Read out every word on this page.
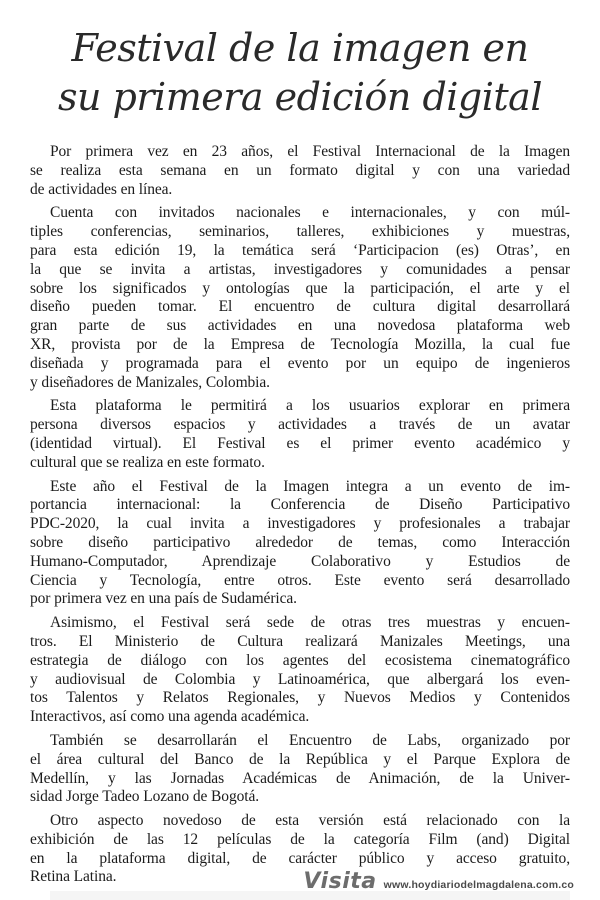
Festival de la imagen en
su primera edición digital
Por primera vez en 23 años, el Festival Internacional de la Imagen
se realiza esta semana en un formato digital y con una variedad
de actividades en línea.
Cuenta con invitados nacionales e internacionales, y con múl-
tiples conferencias, seminarios, talleres, exhibiciones y muestras,
para esta edición 19, la temática será ‘Participacion (es) Otras’, en
la que se invita a artistas, investigadores y comunidades a pensar
sobre los significados y ontologías que la participación, el arte y el
diseño pueden tomar. El encuentro de cultura digital desarrollará
gran parte de sus actividades en una novedosa plataforma web
XR, provista por de la Empresa de Tecnología Mozilla, la cual fue
diseñada y programada para el evento por un equipo de ingenieros
y diseñadores de Manizales, Colombia.
Esta plataforma le permitirá a los usuarios explorar en primera
persona diversos espacios y actividades a través de un avatar
(identidad virtual). El Festival es el primer evento académico y
cultural que se realiza en este formato.
Este año el Festival de la Imagen integra a un evento de im-
portancia internacional: la Conferencia de Diseño Participativo
PDC-2020, la cual invita a investigadores y profesionales a trabajar
sobre diseño participativo alrededor de temas, como Interacción
Humano-Computador, Aprendizaje Colaborativo y Estudios de
Ciencia y Tecnología, entre otros. Este evento será desarrollado
por primera vez en una país de Sudamérica.
Asimismo, el Festival será sede de otras tres muestras y encuen-
tros. El Ministerio de Cultura realizará Manizales Meetings, una
estrategia de diálogo con los agentes del ecosistema cinematográfico
y audiovisual de Colombia y Latinoamérica, que albergará los even-
tos Talentos y Relatos Regionales, y Nuevos Medios y Contenidos
Interactivos, así como una agenda académica.
También se desarrollarán el Encuentro de Labs, organizado por
el área cultural del Banco de la República y el Parque Explora de
Medellín, y las Jornadas Académicas de Animación, de la Univer-
sidad Jorge Tadeo Lozano de Bogotá.
Otro aspecto novedoso de esta versión está relacionado con la
exhibición de las 12 películas de la categoría Film (and) Digital
en la plataforma digital, de carácter público y acceso gratuito,
Retina Latina.	Visita www.hoydiariodelmagdalena.com.co
